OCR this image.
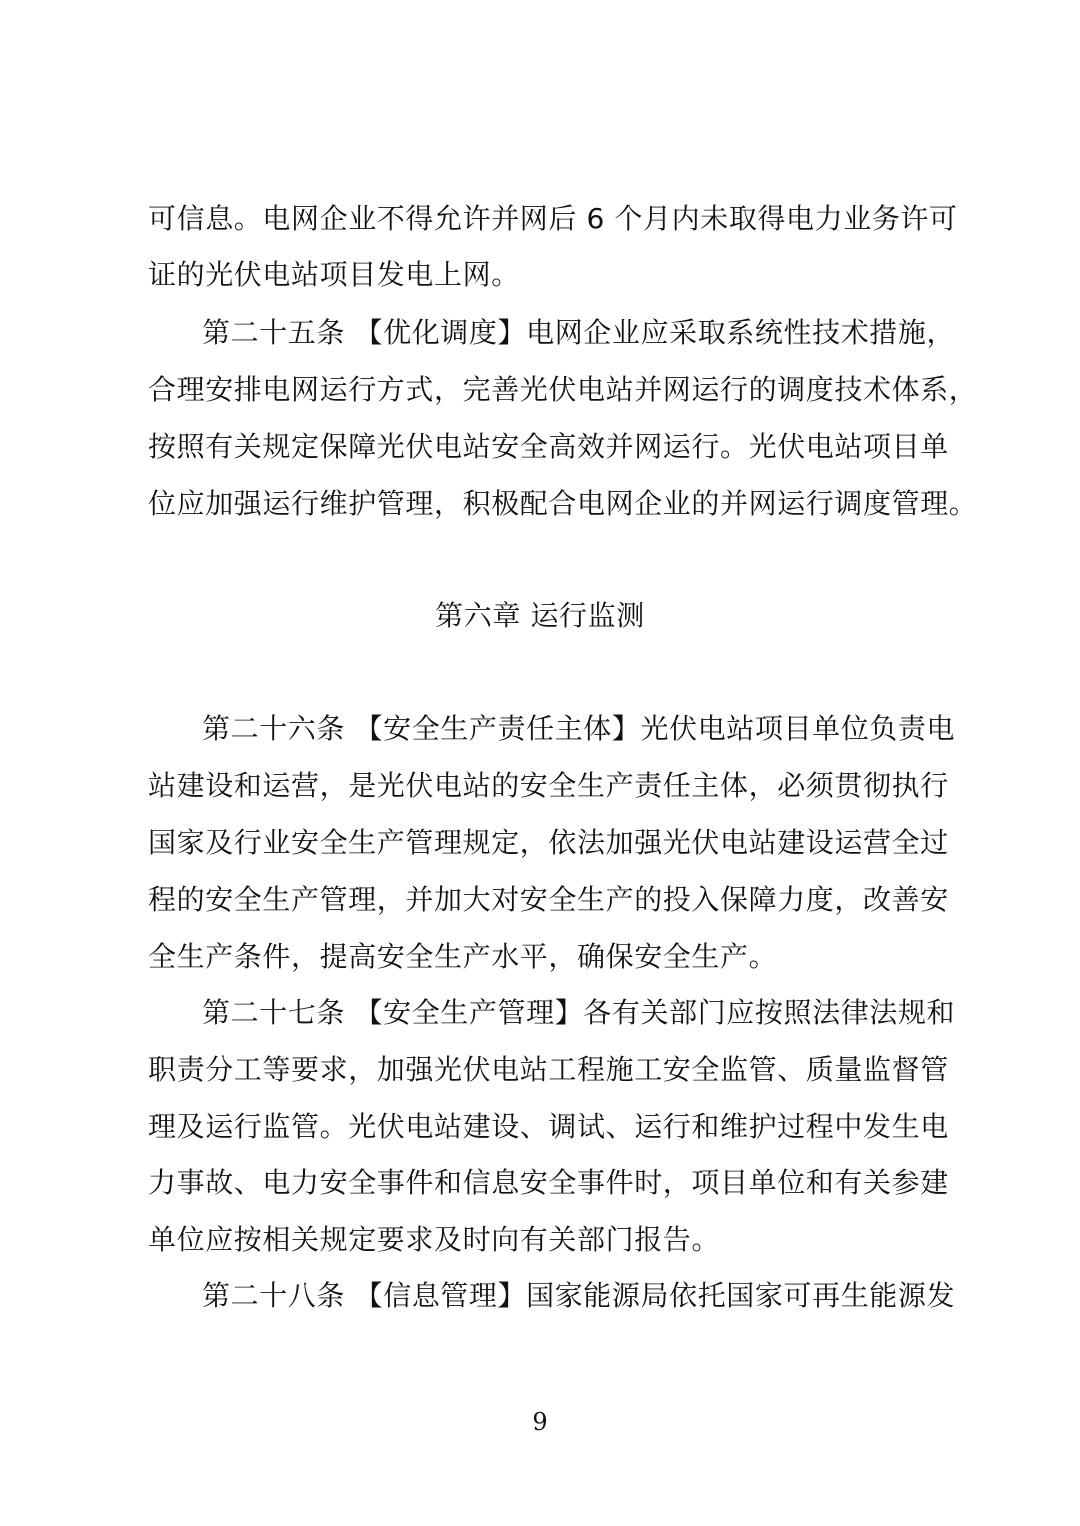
可信息。电网企业不得允许并网后 6 个月内未取得电力业务许可
证的光伏电站项目发电上网。
第二十五条 【优化调度】电网企业应采取系统性技术措施，
合理安排电网运行方式，完善光伏电站并网运行的调度技术体系，
按照有关规定保障光伏电站安全高效并网运行。光伏电站项目单
位应加强运行维护管理，积极配合电网企业的并网运行调度管理。
第六章 运行监测
第二十六条 【安全生产责任主体】光伏电站项目单位负责电
站建设和运营，是光伏电站的安全生产责任主体，必须贯彻执行
国家及行业安全生产管理规定，依法加强光伏电站建设运营全过
程的安全生产管理，并加大对安全生产的投入保障力度，改善安
全生产条件，提高安全生产水平，确保安全生产。
第二十七条 【安全生产管理】各有关部门应按照法律法规和
职责分工等要求，加强光伏电站工程施工安全监管、质量监督管
理及运行监管。光伏电站建设、调试、运行和维护过程中发生电
力事故、电力安全事件和信息安全事件时，项目单位和有关参建
单位应按相关规定要求及时向有关部门报告。
第二十八条 【信息管理】国家能源局依托国家可再生能源发
9
